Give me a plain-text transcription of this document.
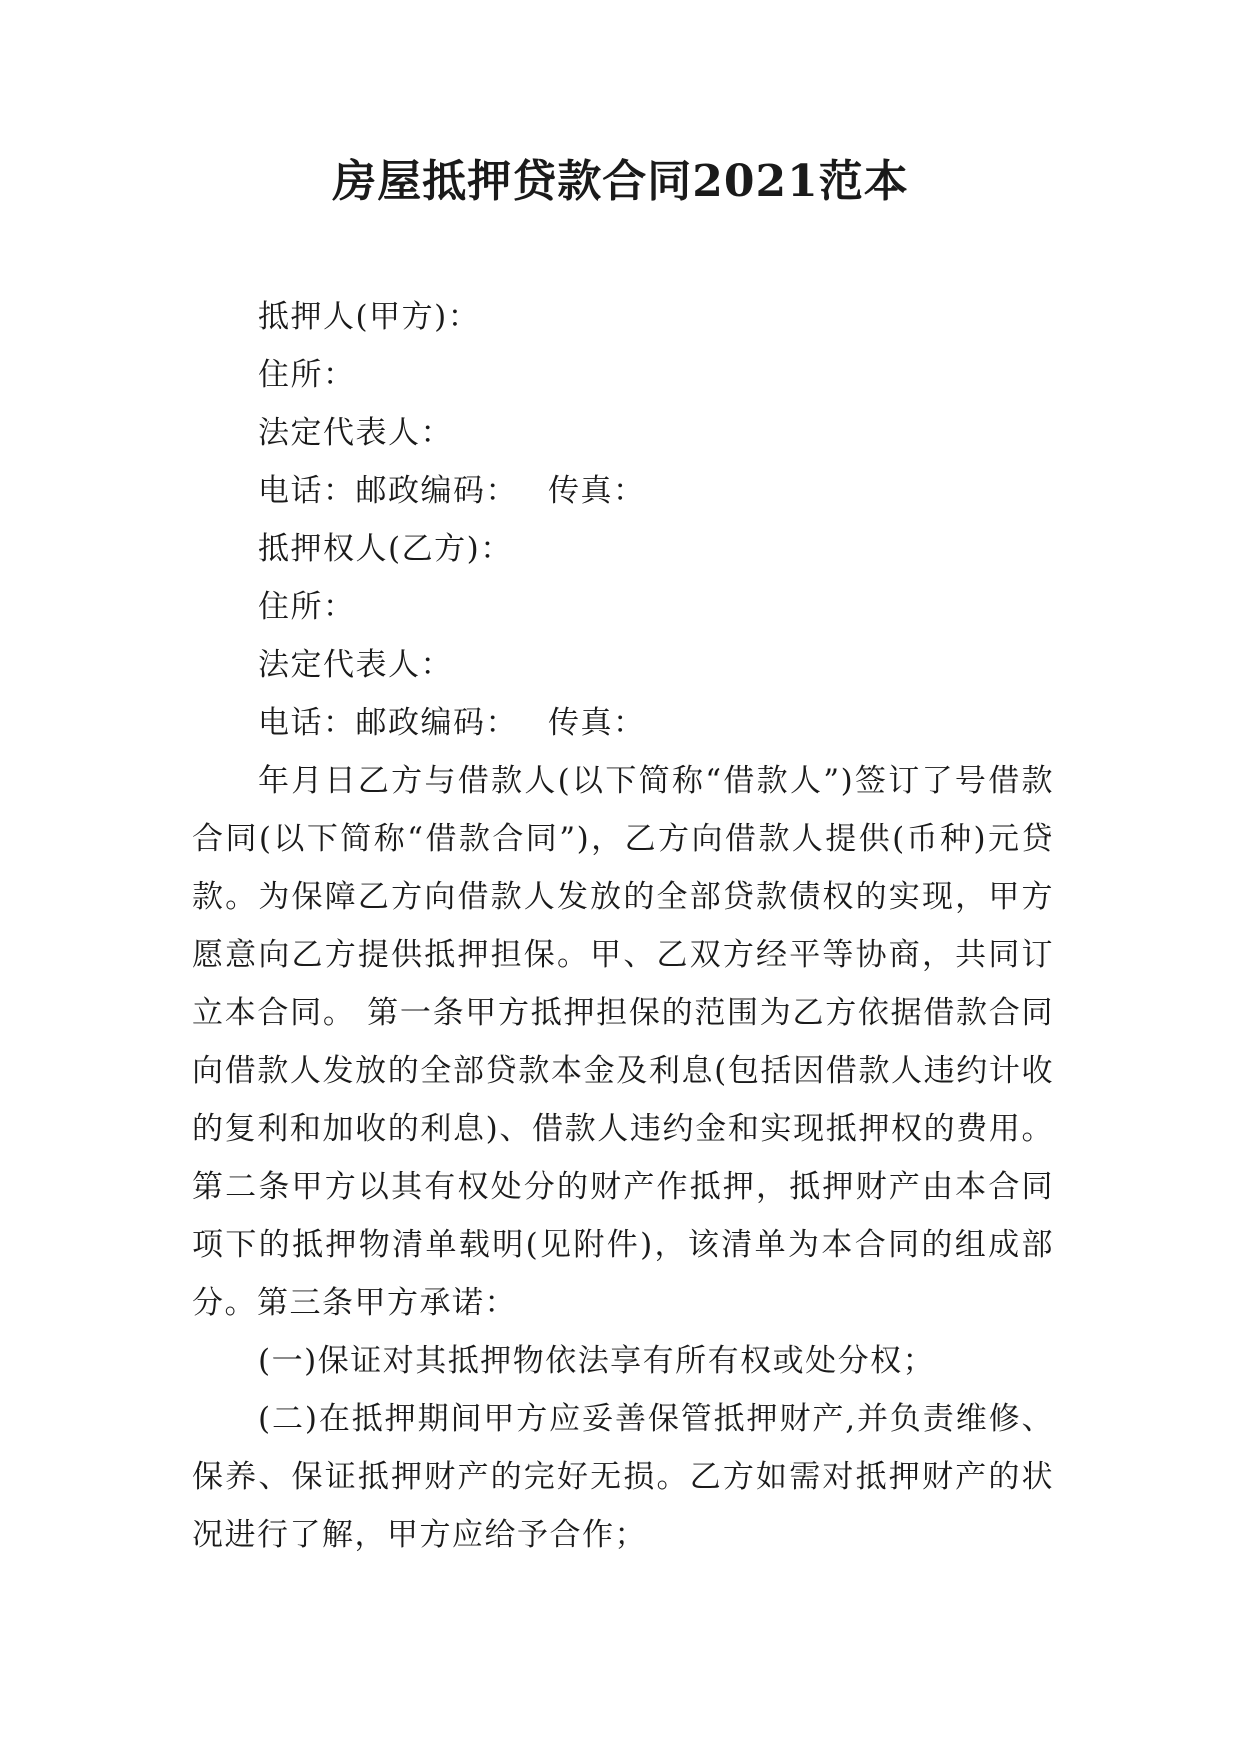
房屋抵押贷款合同2021范本

抵押人(甲方)：

住所：

法定代表人：

电话：邮政编码： 传真：

抵押权人(乙方)：

住所：

法定代表人：

电话：邮政编码： 传真：

年月日乙方与借款人(以下简称“借款人”)签订了号借款合同(以下简称“借款合同”)，乙方向借款人提供(币种)元贷款。为保障乙方向借款人发放的全部贷款债权的实现，甲方愿意向乙方提供抵押担保。甲、乙双方经平等协商，共同订立本合同。 第一条甲方抵押担保的范围为乙方依据借款合同向借款人发放的全部贷款本金及利息(包括因借款人违约计收的复利和加收的利息)、借款人违约金和实现抵押权的费用。第二条甲方以其有权处分的财产作抵押，抵押财产由本合同项下的抵押物清单载明(见附件)，该清单为本合同的组成部分。第三条甲方承诺：

(一)保证对其抵押物依法享有所有权或处分权；

(二)在抵押期间甲方应妥善保管抵押财产,并负责维修、保养、保证抵押财产的完好无损。乙方如需对抵押财产的状况进行了解，甲方应给予合作；
